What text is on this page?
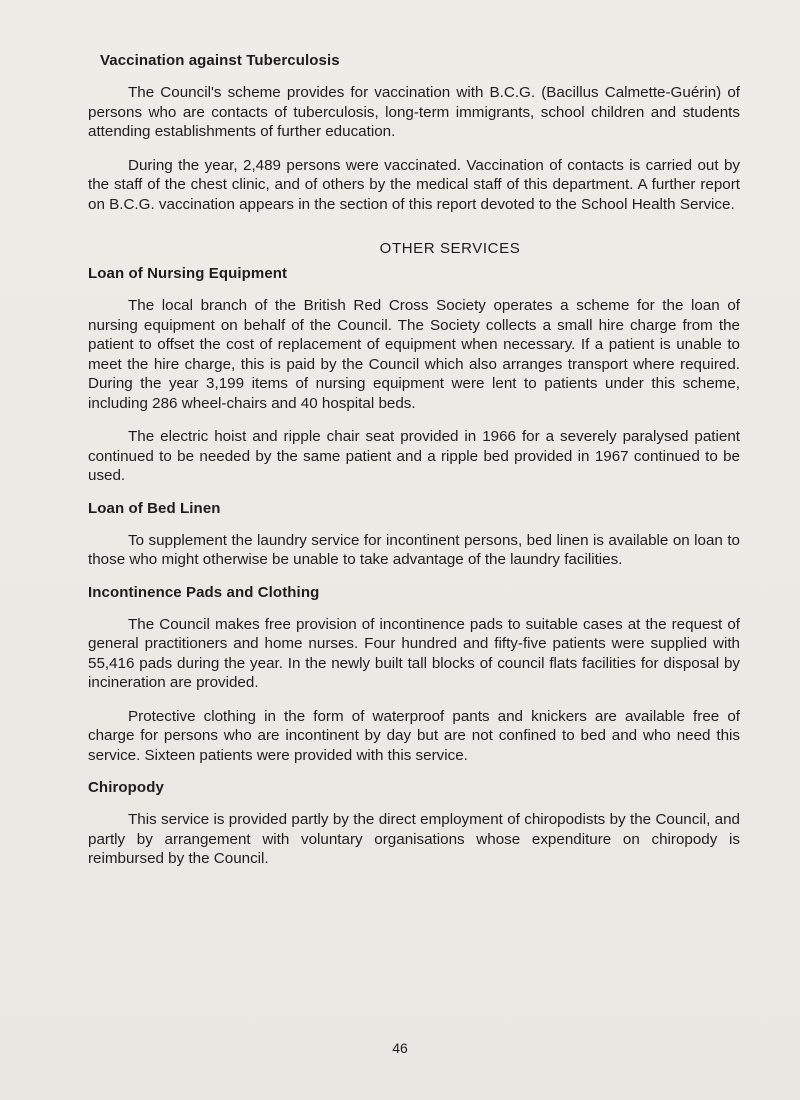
Vaccination against Tuberculosis

The Council's scheme provides for vaccination with B.C.G. (Bacillus Calmette-Guérin) of persons who are contacts of tuberculosis, long-term immigrants, school children and students attending establishments of further education.

During the year, 2,489 persons were vaccinated. Vaccination of contacts is carried out by the staff of the chest clinic, and of others by the medical staff of this department. A further report on B.C.G. vaccination appears in the section of this report devoted to the School Health Service.

OTHER SERVICES
Loan of Nursing Equipment

The local branch of the British Red Cross Society operates a scheme for the loan of nursing equipment on behalf of the Council. The Society collects a small hire charge from the patient to offset the cost of replacement of equipment when necessary. If a patient is unable to meet the hire charge, this is paid by the Council which also arranges transport where required. During the year 3,199 items of nursing equipment were lent to patients under this scheme, including 286 wheel-chairs and 40 hospital beds.

The electric hoist and ripple chair seat provided in 1966 for a severely paralysed patient continued to be needed by the same patient and a ripple bed provided in 1967 continued to be used.

Loan of Bed Linen

To supplement the laundry service for incontinent persons, bed linen is available on loan to those who might otherwise be unable to take advantage of the laundry facilities.

Incontinence Pads and Clothing

The Council makes free provision of incontinence pads to suitable cases at the request of general practitioners and home nurses. Four hundred and fifty-five patients were supplied with 55,416 pads during the year. In the newly built tall blocks of council flats facilities for disposal by incineration are provided.

Protective clothing in the form of waterproof pants and knickers are available free of charge for persons who are incontinent by day but are not confined to bed and who need this service. Sixteen patients were provided with this service.

Chiropody

This service is provided partly by the direct employment of chiropodists by the Council, and partly by arrangement with voluntary organisations whose expenditure on chiropody is reimbursed by the Council.

46
